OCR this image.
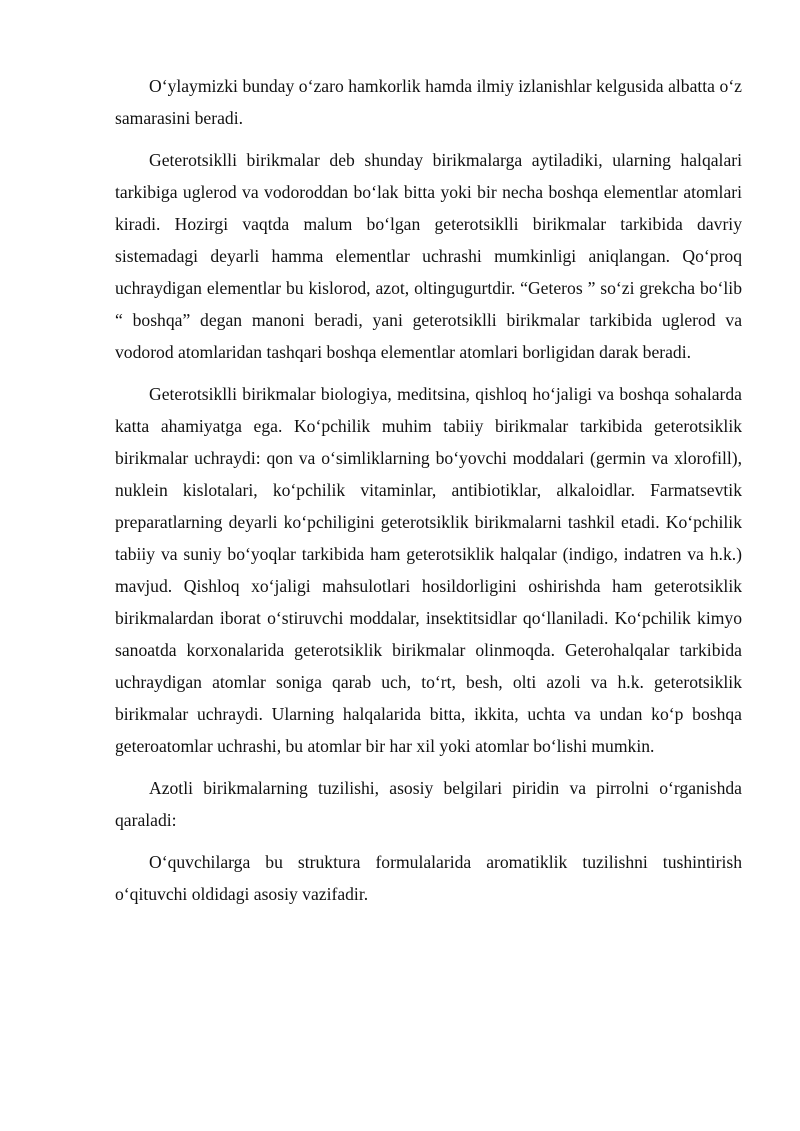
O‘ylaymizki bunday o‘zaro hamkorlik hamda ilmiy izlanishlar kelgusida albatta o‘z samarasini beradi.

Geterotsiklli birikmalar deb shunday birikmalarga aytiladiki, ularning halqalari tarkibiga uglerod va vodoroddan bo‘lak bitta yoki bir necha boshqa elementlar atomlari kiradi. Hozirgi vaqtda malum bo‘lgan geterotsiklli birikmalar tarkibida davriy sistemadagi deyarli hamma elementlar uchrashi mumkinligi aniqlangan. Qo‘proq uchraydigan elementlar bu kislorod, azot, oltingugurtdir. “Geteros ” so‘zi grekcha bo‘lib “ boshqa” degan manoni beradi, yani geterotsiklli birikmalar tarkibida uglerod va vodorod atomlaridan tashqari boshqa elementlar atomlari borligidan darak beradi.

Geterotsiklli birikmalar biologiya, meditsina, qishloq ho‘jaligi va boshqa sohalarda katta ahamiyatga ega. Ko‘pchilik muhim tabiiy birikmalar tarkibida geterotsiklik birikmalar uchraydi: qon va o‘simliklarning bo‘yovchi moddalari (germin va xlorofill), nuklein kislotalari, ko‘pchilik vitaminlar, antibiotiklar, alkaloidlar. Farmatsevtik preparatlarning deyarli ko‘pchiligini geterotsiklik birikmalarni tashkil etadi. Ko‘pchilik tabiiy va suniy bo‘yoqlar tarkibida ham geterotsiklik halqalar (indigo, indatren va h.k.) mavjud. Qishloq xo‘jaligi mahsulotlari hosildorligini oshirishda ham geterotsiklik birikmalardan iborat o‘stiruvchi moddalar, insektitsidlar qo‘llaniladi. Ko‘pchilik kimyo sanoatda korxonalarida geterotsiklik birikmalar olinmoqda. Geterohalqalar tarkibida uchraydigan atomlar soniga qarab uch, to‘rt, besh, olti azoli va h.k. geterotsiklik birikmalar uchraydi. Ularning halqalarida bitta, ikkita, uchta va undan ko‘p boshqa geteroatomlar uchrashi, bu atomlar bir har xil yoki atomlar bo‘lishi mumkin.

Azotli birikmalarning tuzilishi, asosiy belgilari piridin va pirrolni o‘rganishda qaraladi:

O‘quvchilarga bu struktura formulalarida aromatiklik tuzilishni tushintirish o‘qituvchi oldidagi asosiy vazifadir.
